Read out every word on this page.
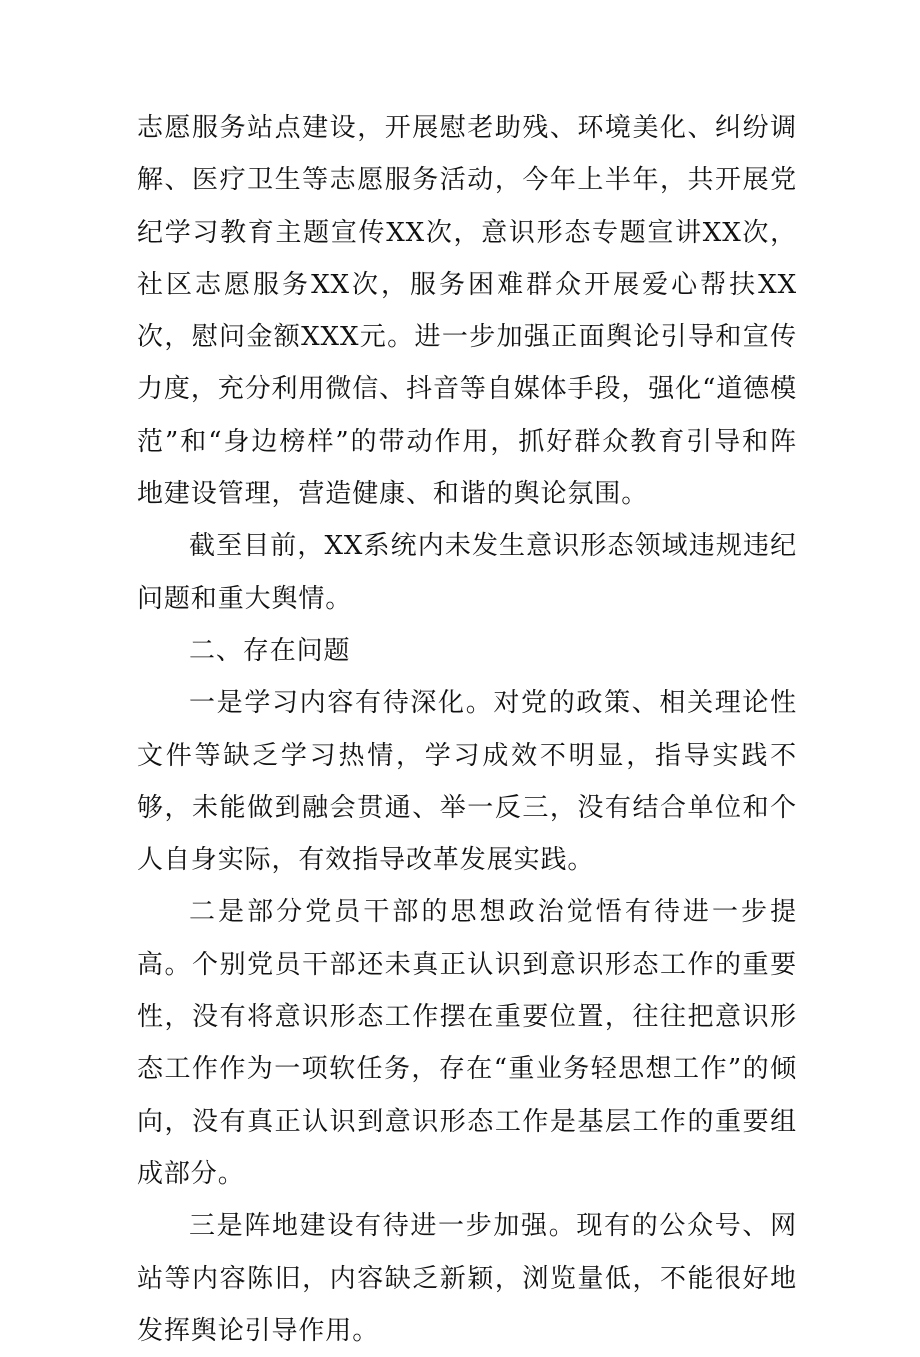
志愿服务站点建设，开展慰老助残、环境美化、纠纷调解、医疗卫生等志愿服务活动，今年上半年，共开展党纪学习教育主题宣传XX次，意识形态专题宣讲XX次，社区志愿服务XX次，服务困难群众开展爱心帮扶XX次，慰问金额XXX元。进一步加强正面舆论引导和宣传力度，充分利用微信、抖音等自媒体手段，强化“道德模范”和“身边榜样”的带动作用，抓好群众教育引导和阵地建设管理，营造健康、和谐的舆论氛围。

截至目前，XX系统内未发生意识形态领域违规违纪问题和重大舆情。

二、存在问题

一是学习内容有待深化。对党的政策、相关理论性文件等缺乏学习热情，学习成效不明显，指导实践不够，未能做到融会贯通、举一反三，没有结合单位和个人自身实际，有效指导改革发展实践。

二是部分党员干部的思想政治觉悟有待进一步提高。个别党员干部还未真正认识到意识形态工作的重要性，没有将意识形态工作摆在重要位置，往往把意识形态工作作为一项软任务，存在“重业务轻思想工作”的倾向，没有真正认识到意识形态工作是基层工作的重要组成部分。

三是阵地建设有待进一步加强。现有的公众号、网站等内容陈旧，内容缺乏新颖，浏览量低，不能很好地发挥舆论引导作用。
